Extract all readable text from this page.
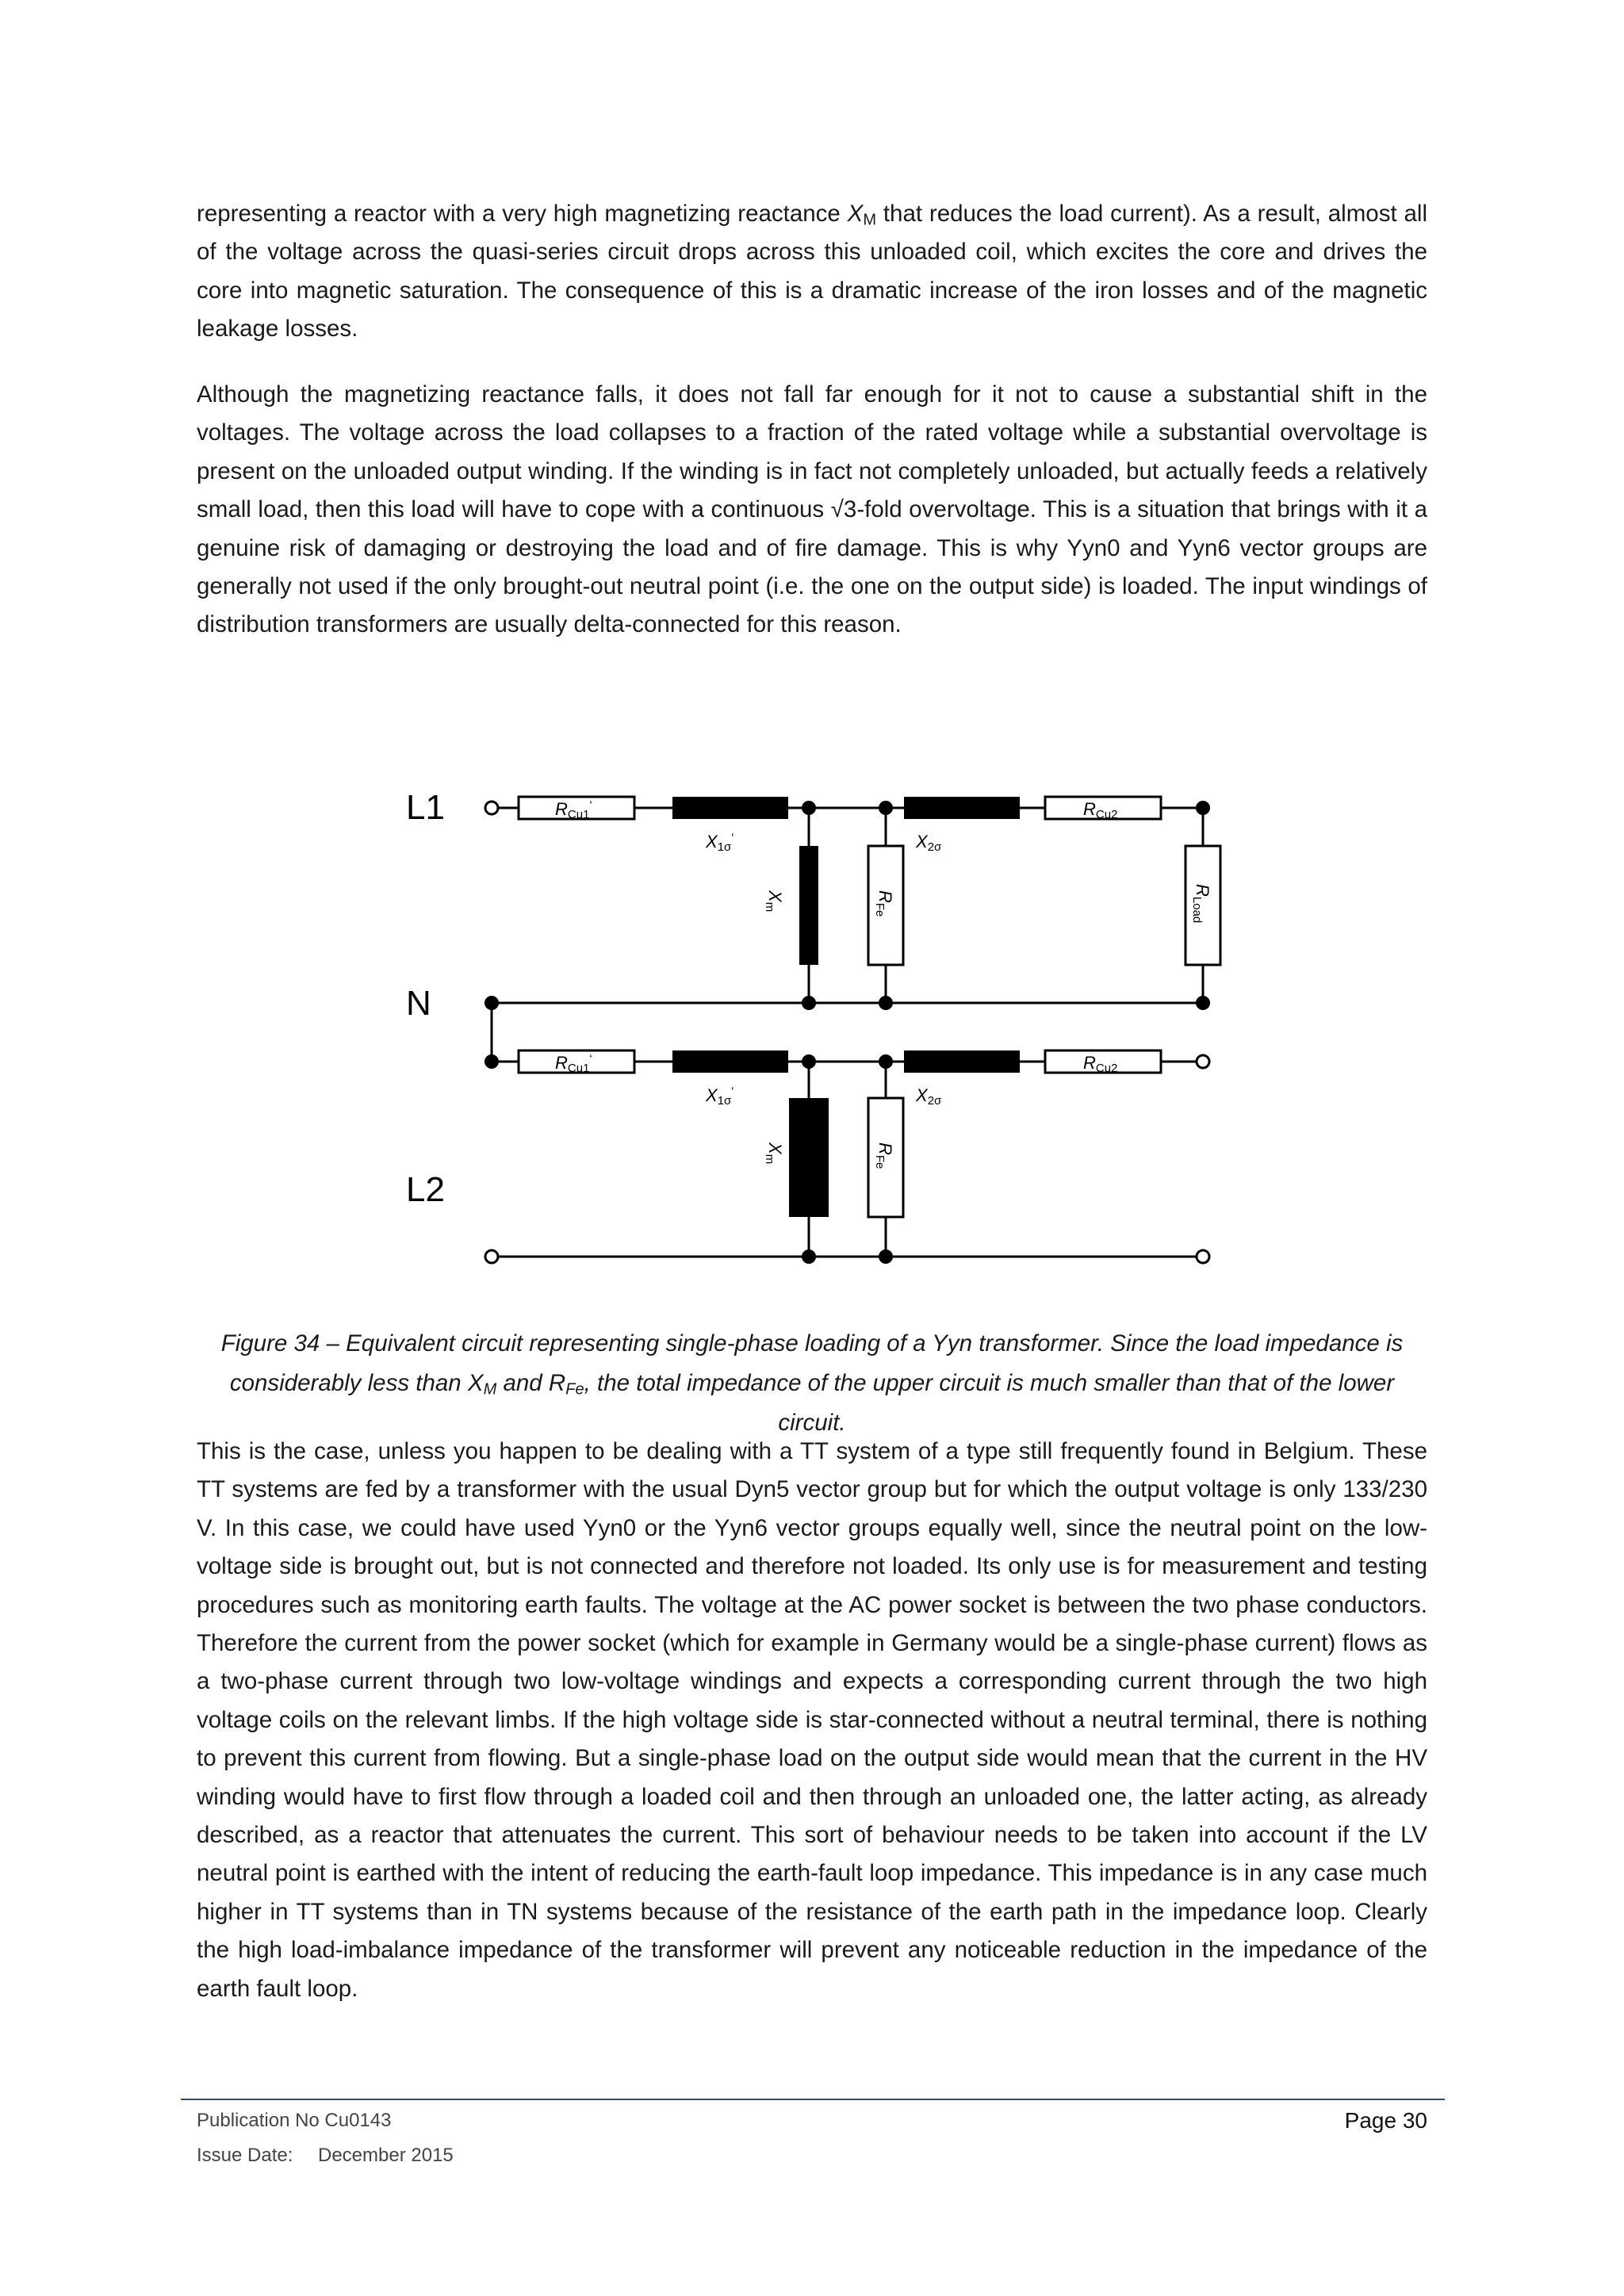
representing a reactor with a very high magnetizing reactance $X_M$ that reduces the load current). As a result, almost all of the voltage across the quasi-series circuit drops across this unloaded coil, which excites the core and drives the core into magnetic saturation. The consequence of this is a dramatic increase of the iron losses and of the magnetic leakage losses.

Although the magnetizing reactance falls, it does not fall far enough for it not to cause a substantial shift in the voltages. The voltage across the load collapses to a fraction of the rated voltage while a substantial overvoltage is present on the unloaded output winding. If the winding is in fact not completely unloaded, but actually feeds a relatively small load, then this load will have to cope with a continuous √3-fold overvoltage. This is a situation that brings with it a genuine risk of damaging or destroying the load and of fire damage. This is why Yyn0 and Yyn6 vector groups are generally not used if the only brought-out neutral point (i.e. the one on the output side) is loaded. The input windings of distribution transformers are usually delta-connected for this reason.

L1
N
L2
RCu1‘	RCu2
RCu1‘	RCu2
X1σ‘	X2σ
X1σ‘	X2σ
Xm
RFe
RLoad
Xm
RFe

Figure 34 – Equivalent circuit representing single-phase loading of a Yyn transformer. Since the load impedance is considerably less than $X_M$ and $R_{Fe}$, the total impedance of the upper circuit is much smaller than that of the lower circuit.

This is the case, unless you happen to be dealing with a TT system of a type still frequently found in Belgium. These TT systems are fed by a transformer with the usual Dyn5 vector group but for which the output voltage is only 133/230 V. In this case, we could have used Yyn0 or the Yyn6 vector groups equally well, since the neutral point on the low-voltage side is brought out, but is not connected and therefore not loaded. Its only use is for measurement and testing procedures such as monitoring earth faults. The voltage at the AC power socket is between the two phase conductors. Therefore the current from the power socket (which for example in Germany would be a single-phase current) flows as a two-phase current through two low-voltage windings and expects a corresponding current through the two high voltage coils on the relevant limbs. If the high voltage side is star-connected without a neutral terminal, there is nothing to prevent this current from flowing. But a single-phase load on the output side would mean that the current in the HV winding would have to first flow through a loaded coil and then through an unloaded one, the latter acting, as already described, as a reactor that attenuates the current. This sort of behaviour needs to be taken into account if the LV neutral point is earthed with the intent of reducing the earth-fault loop impedance. This impedance is in any case much higher in TT systems than in TN systems because of the resistance of the earth path in the impedance loop. Clearly the high load-imbalance impedance of the transformer will prevent any noticeable reduction in the impedance of the earth fault loop.

Publication No Cu0143
Issue Date: December 2015
Page 30
